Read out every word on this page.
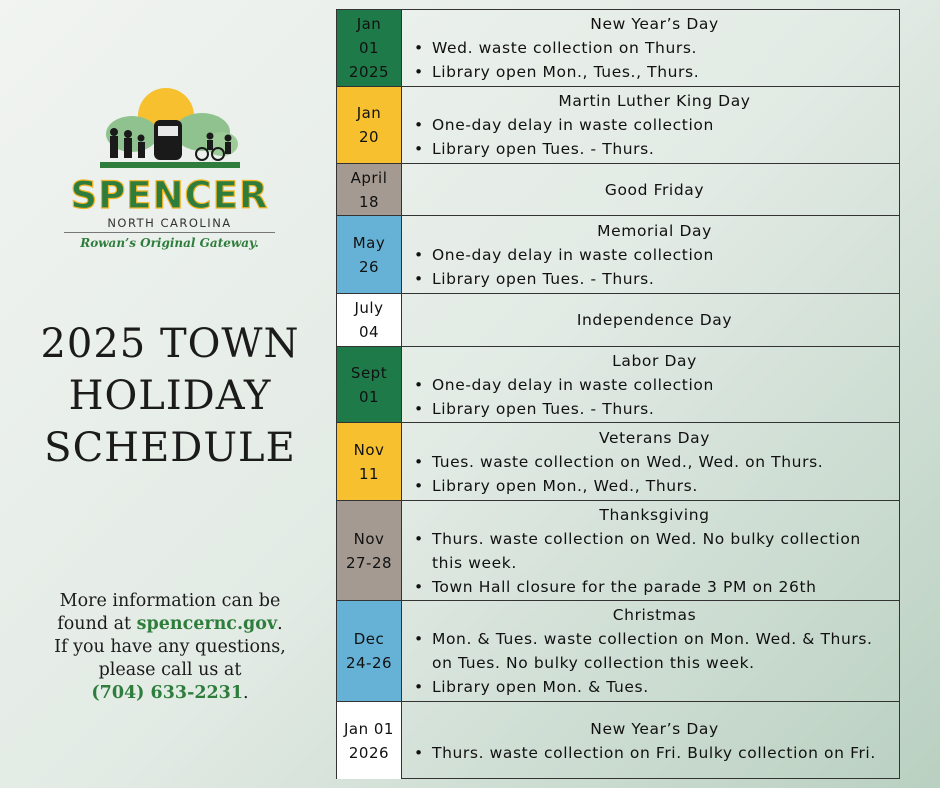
SPENCER
NORTH CAROLINA
Rowan’s Original Gateway.
2025 TOWN
HOLIDAY
SCHEDULE
More information can be
found at spencernc.gov.
If you have any questions,
please call us at
(704) 633-2231.
Jan
01
2025
New Year’s Day
• Wed. waste collection on Thurs.
• Library open Mon., Tues., Thurs.
Jan
20
Martin Luther King Day
• One-day delay in waste collection
• Library open Tues. - Thurs.
April
18
Good Friday
May
26
Memorial Day
• One-day delay in waste collection
• Library open Tues. - Thurs.
July
04
Independence Day
Sept
01
Labor Day
• One-day delay in waste collection
• Library open Tues. - Thurs.
Nov
11
Veterans Day
• Tues. waste collection on Wed., Wed. on Thurs.
• Library open Mon., Wed., Thurs.
Nov
27-28
Thanksgiving
• Thurs. waste collection on Wed. No bulky collection this week.
• Town Hall closure for the parade 3 PM on 26th
Dec
24-26
Christmas
• Mon. & Tues. waste collection on Mon. Wed. & Thurs. on Tues. No bulky collection this week.
• Library open Mon. & Tues.
Jan 01
2026
New Year’s Day
• Thurs. waste collection on Fri. Bulky collection on Fri.
